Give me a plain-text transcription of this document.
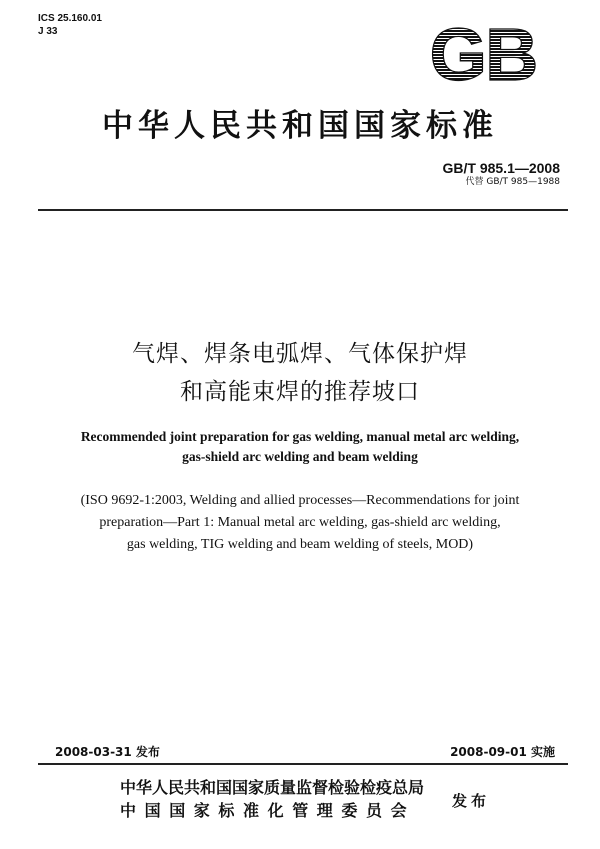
ICS 25.160.01
J 33	GB
中华人民共和国国家标准
GB/T 985.1—2008
代替 GB/T 985—1988
气焊、焊条电弧焊、气体保护焊
和高能束焊的推荐坡口
Recommended joint preparation for gas welding, manual metal arc welding,
gas-shield arc welding and beam welding
(ISO 9692-1:2003, Welding and allied processes—Recommendations for joint
preparation—Part 1: Manual metal arc welding, gas-shield arc welding,
gas welding, TIG welding and beam welding of steels, MOD)
2008-03-31 发布	2008-09-01 实施
中华人民共和国国家质量监督检验检疫总局
中国国家标准化管理委员会	发布
